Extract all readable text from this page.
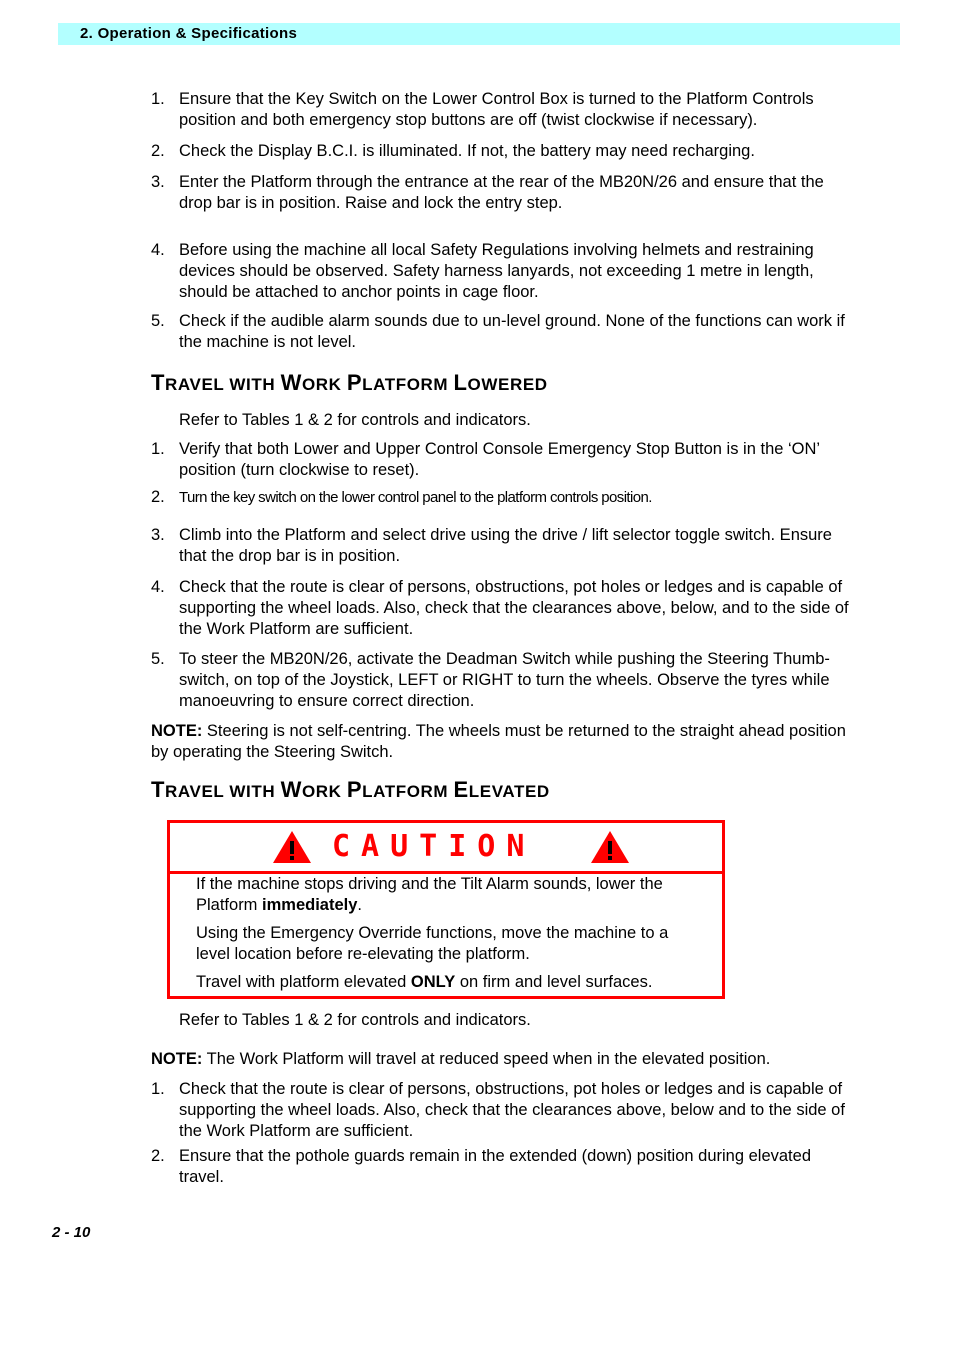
2. Operation & Specifications
1. Ensure that the Key Switch on the Lower Control Box is turned to the Platform Controls position and both emergency stop buttons are off (twist clockwise if necessary).
2. Check the Display B.C.I. is illuminated. If not, the battery may need recharging.
3. Enter the Platform through the entrance at the rear of the MB20N/26 and ensure that the drop bar is in position. Raise and lock the entry step.
4. Before using the machine all local Safety Regulations involving helmets and restraining devices should be observed. Safety harness lanyards, not exceeding 1 metre in length, should be attached to anchor points in cage floor.
5. Check if the audible alarm sounds due to un-level ground. None of the functions can work if the machine is not level.
TRAVEL WITH WORK PLATFORM LOWERED
Refer to Tables 1 & 2 for controls and indicators.
1. Verify that both Lower and Upper Control Console Emergency Stop Button is in the ‘ON’ position (turn clockwise to reset).
2. Turn the key switch on the lower control panel to the platform controls position.
3. Climb into the Platform and select drive using the drive / lift selector toggle switch. Ensure that the drop bar is in position.
4. Check that the route is clear of persons, obstructions, pot holes or ledges and is capable of supporting the wheel loads. Also, check that the clearances above, below, and to the side of the Work Platform are sufficient.
5. To steer the MB20N/26, activate the Deadman Switch while pushing the Steering Thumb-switch, on top of the Joystick, LEFT or RIGHT to turn the wheels. Observe the tyres while manoeuvring to ensure correct direction.
NOTE: Steering is not self-centring. The wheels must be returned to the straight ahead position by operating the Steering Switch.
TRAVEL WITH WORK PLATFORM ELEVATED
CAUTION
If the machine stops driving and the Tilt Alarm sounds, lower the Platform immediately.
Using the Emergency Override functions, move the machine to a level location before re-elevating the platform.
Travel with platform elevated ONLY on firm and level surfaces.
Refer to Tables 1 & 2 for controls and indicators.
NOTE: The Work Platform will travel at reduced speed when in the elevated position.
1. Check that the route is clear of persons, obstructions, pot holes or ledges and is capable of supporting the wheel loads. Also, check that the clearances above, below and to the side of the Work Platform are sufficient.
2. Ensure that the pothole guards remain in the extended (down) position during elevated travel.
2 - 10
